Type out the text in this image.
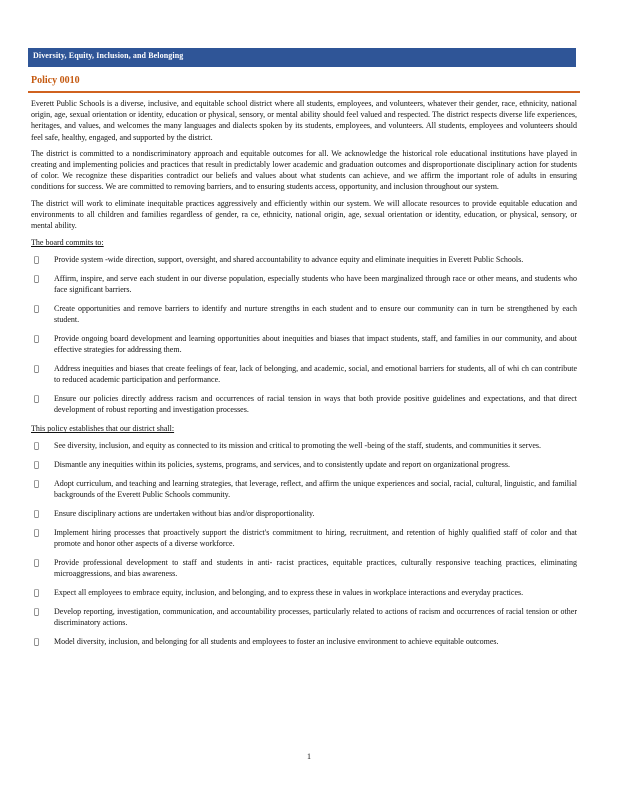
Diversity, Equity, Inclusion, and Belonging
Policy 0010

Everett Public Schools is a diverse, inclusive, and equitable school district where all students, employees, and volunteers, whatever their gender, race, ethnicity, national origin, age, sexual orientation or identity, education or physical, sensory, or mental ability should feel valued and respected. The district respects diverse life experiences, heritages, and values, and welcomes the many languages and dialects spoken by its students, employees, and volunteers. All students, employees and volunteers should feel safe, healthy, engaged, and supported by the district.

The district is committed to a nondiscriminatory approach and equitable outcomes for all. We acknowledge the historical role educational institutions have played in creating and implementing policies and practices that result in predictably lower academic and graduation outcomes and disproportionate disciplinary action for students of color. We recognize these disparities contradict our beliefs and values about what students can achieve, and we affirm the important role of adults in ensuring conditions for success. We are committed to removing barriers, and to ensuring students access, opportunity, and inclusion throughout our system.

The district will work to eliminate inequitable practices aggressively and efficiently within our system. We will allocate resources to provide equitable education and environments to all children and families regardless of gender, ra ce, ethnicity, national origin, age, sexual orientation or identity, education, or physical, sensory, or mental ability.

The board commits to:
Provide system -wide direction, support, oversight, and shared accountability to advance equity and eliminate inequities in Everett Public Schools.
Affirm, inspire, and serve each student in our diverse population, especially students who have been marginalized through race or other means, and students who face significant barriers.
Create opportunities and remove barriers to identify and nurture strengths in each student and to ensure our community can in turn be strengthened by each student.
Provide ongoing board development and learning opportunities about inequities and biases that impact students, staff, and families in our community, and about effective strategies for addressing them.
Address inequities and biases that create feelings of fear, lack of belonging, and academic, social, and emotional barriers for students, all of whi ch can contribute to reduced academic participation and performance.
Ensure our policies directly address racism and occurrences of racial tension in ways that both provide positive guidelines and expectations, and that direct development of robust reporting and investigation processes.
This policy establishes that our district shall:
See diversity, inclusion, and equity as connected to its mission and critical to promoting the well -being of the staff, students, and communities it serves.
Dismantle any inequities within its policies, systems, programs, and services, and to consistently update and report on organizational progress.
Adopt curriculum, and teaching and learning strategies, that leverage, reflect, and affirm the unique experiences and social, racial, cultural, linguistic, and familial backgrounds of the Everett Public Schools community.
Ensure disciplinary actions are undertaken without bias and/or disproportionality.
Implement hiring processes that proactively support the district's commitment to hiring, recruitment, and retention of highly qualified staff of color and that promote and honor other aspects of a diverse workforce.
Provide professional development to staff and students in anti- racist practices, equitable practices, culturally responsive teaching practices, eliminating microaggressions, and bias awareness.
Expect all employees to embrace equity, inclusion, and belonging, and to express these in values in workplace interactions and everyday practices.
Develop reporting, investigation, communication, and accountability processes, particularly related to actions of racism and occurrences of racial tension or other discriminatory actions.
Model diversity, inclusion, and belonging for all students and employees to foster an inclusive environment to achieve equitable outcomes.
1
